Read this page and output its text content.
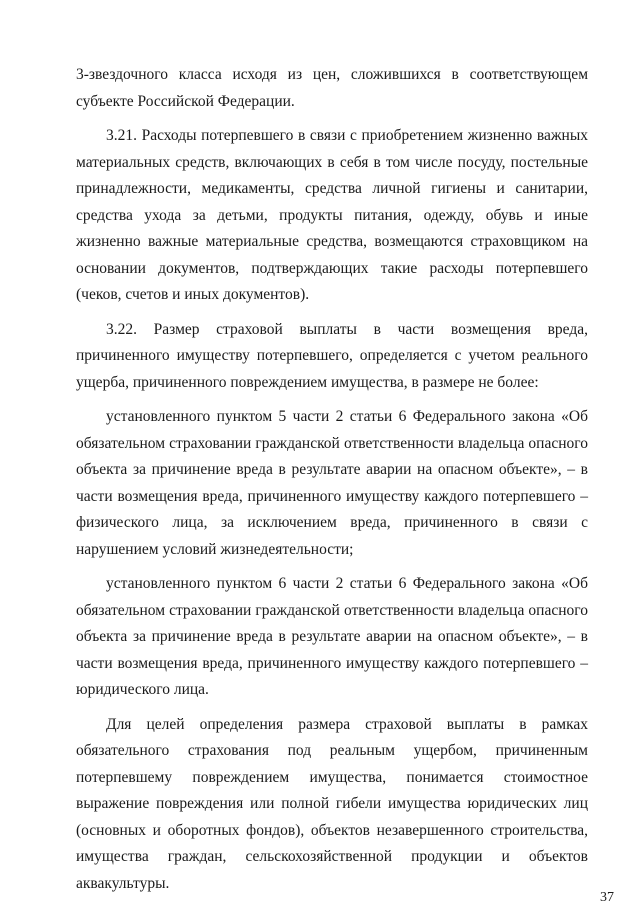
3-звездочного класса исходя из цен, сложившихся в соответствующем субъекте Российской Федерации.

3.21. Расходы потерпевшего в связи с приобретением жизненно важных материальных средств, включающих в себя в том числе посуду, постельные принадлежности, медикаменты, средства личной гигиены и санитарии, средства ухода за детьми, продукты питания, одежду, обувь и иные жизненно важные материальные средства, возмещаются страховщиком на основании документов, подтверждающих такие расходы потерпевшего (чеков, счетов и иных документов).

3.22. Размер страховой выплаты в части возмещения вреда, причиненного имуществу потерпевшего, определяется с учетом реального ущерба, причиненного повреждением имущества, в размере не более:

установленного пунктом 5 части 2 статьи 6 Федерального закона «Об обязательном страховании гражданской ответственности владельца опасного объекта за причинение вреда в результате аварии на опасном объекте», – в части возмещения вреда, причиненного имуществу каждого потерпевшего – физического лица, за исключением вреда, причиненного в связи с нарушением условий жизнедеятельности;

установленного пунктом 6 части 2 статьи 6 Федерального закона «Об обязательном страховании гражданской ответственности владельца опасного объекта за причинение вреда в результате аварии на опасном объекте», – в части возмещения вреда, причиненного имуществу каждого потерпевшего – юридического лица.

Для целей определения размера страховой выплаты в рамках обязательного страхования под реальным ущербом, причиненным потерпевшему повреждением имущества, понимается стоимостное выражение повреждения или полной гибели имущества юридических лиц (основных и оборотных фондов), объектов незавершенного строительства, имущества граждан, сельскохозяйственной продукции и объектов аквакультуры.

37
